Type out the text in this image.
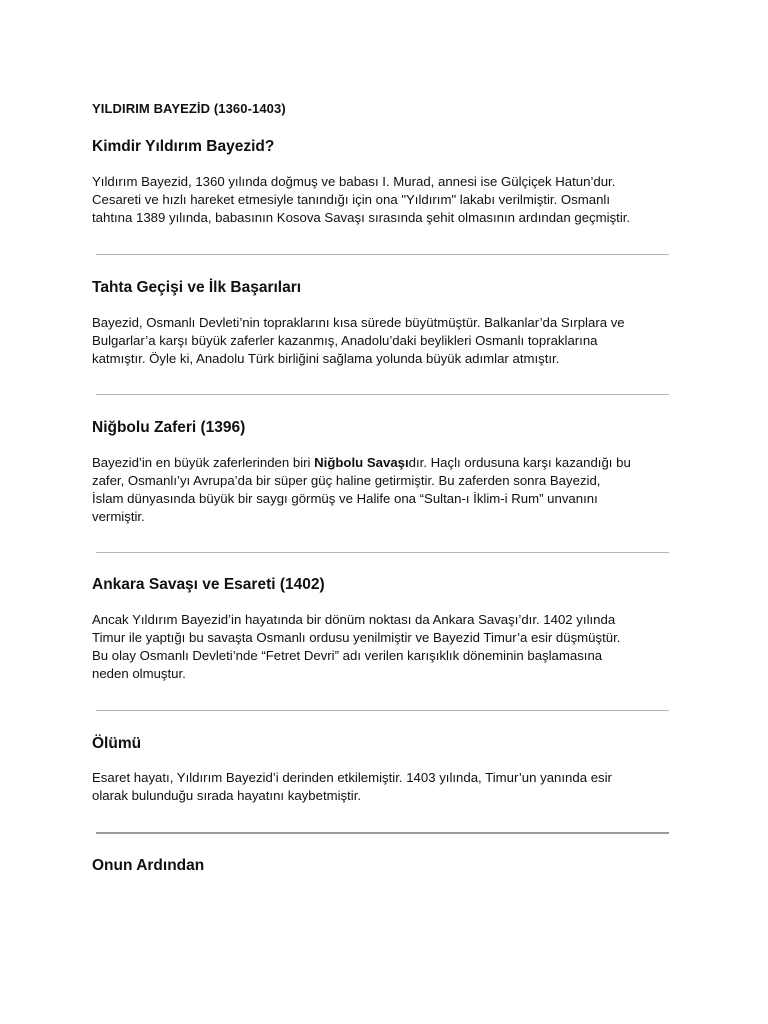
YILDIRIM BAYEZİD (1360-1403)
Kimdir Yıldırım Bayezid?
Yıldırım Bayezid, 1360 yılında doğmuş ve babası I. Murad, annesi ise Gülçiçek Hatun’dur.
Cesareti ve hızlı hareket etmesiyle tanındığı için ona "Yıldırım" lakabı verilmiştir. Osmanlı
tahtına 1389 yılında, babasının Kosova Savaşı sırasında şehit olmasının ardından geçmiştir.
Tahta Geçişi ve İlk Başarıları
Bayezid, Osmanlı Devleti’nin topraklarını kısa sürede büyütmüştür. Balkanlar’da Sırplara ve
Bulgarlar’a karşı büyük zaferler kazanmış, Anadolu’daki beylikleri Osmanlı topraklarına
katmıştır. Öyle ki, Anadolu Türk birliğini sağlama yolunda büyük adımlar atmıştır.
Niğbolu Zaferi (1396)
Bayezid’in en büyük zaferlerinden biri Niğbolu Savaşıdır. Haçlı ordusuna karşı kazandığı bu
zafer, Osmanlı’yı Avrupa’da bir süper güç haline getirmiştir. Bu zaferden sonra Bayezid,
İslam dünyasında büyük bir saygı görmüş ve Halife ona “Sultan-ı İklim-i Rum” unvanını
vermiştir.
Ankara Savaşı ve Esareti (1402)
Ancak Yıldırım Bayezid’in hayatında bir dönüm noktası da Ankara Savaşı’dır. 1402 yılında
Timur ile yaptığı bu savaşta Osmanlı ordusu yenilmiştir ve Bayezid Timur’a esir düşmüştür.
Bu olay Osmanlı Devleti’nde “Fetret Devri” adı verilen karışıklık döneminin başlamasına
neden olmuştur.
Ölümü
Esaret hayatı, Yıldırım Bayezid’i derinden etkilemiştir. 1403 yılında, Timur’un yanında esir
olarak bulunduğu sırada hayatını kaybetmiştir.
Onun Ardından
